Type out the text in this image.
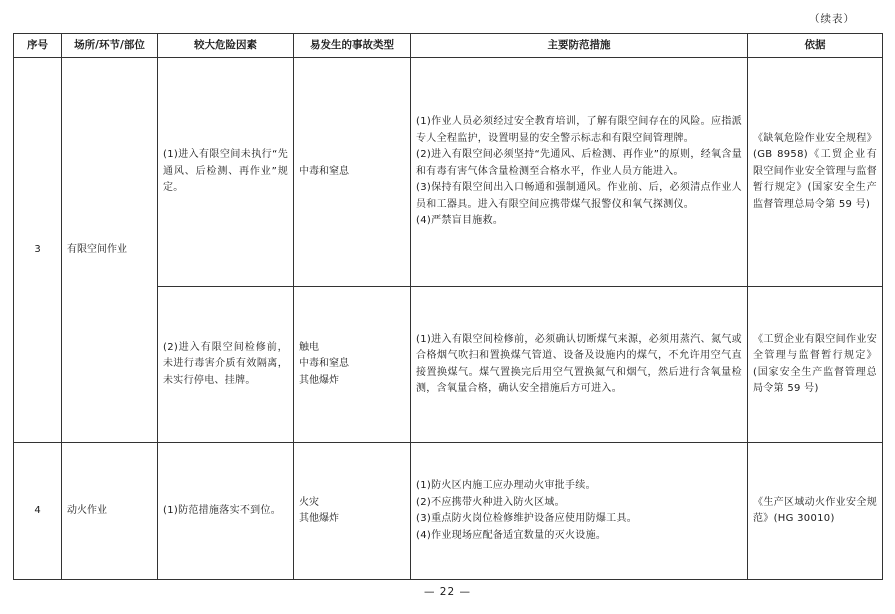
（续表）
序号	场所/环节/部位	较大危险因素	易发生的事故类型	主要防范措施	依据
3	有限空间作业	(1)进入有限空间未执行“先通风、后检测、再作业”规定。	中毒和窒息	(1)作业人员必须经过安全教育培训，了解有限空间存在的风险。应指派专人全程监护，设置明显的安全警示标志和有限空间管理牌。
(2)进入有限空间必须坚持“先通风、后检测、再作业”的原则，经氧含量和有毒有害气体含量检测至合格水平，作业人员方能进入。
(3)保持有限空间出入口畅通和强制通风。作业前、后，必须清点作业人员和工器具。进入有限空间应携带煤气报警仪和氧气探测仪。
(4)严禁盲目施救。	《缺氧危险作业安全规程》(GB 8958)《工贸企业有限空间作业安全管理与监督暂行规定》(国家安全生产监督管理总局令第 59 号)
		(2)进入有限空间检修前，未进行毒害介质有效隔离，未实行停电、挂牌。	触电
中毒和窒息
其他爆炸	(1)进入有限空间检修前，必须确认切断煤气来源，必须用蒸汽、氮气或合格烟气吹扫和置换煤气管道、设备及设施内的煤气，不允许用空气直接置换煤气。煤气置换完后用空气置换氮气和烟气，然后进行含氧量检测，含氧量合格，确认安全措施后方可进入。	《工贸企业有限空间作业安全管理与监督暂行规定》(国家安全生产监督管理总局令第 59 号)
4	动火作业	(1)防范措施落实不到位。	火灾
其他爆炸	(1)防火区内施工应办理动火审批手续。
(2)不应携带火种进入防火区域。
(3)重点防火岗位检修维护设备应使用防爆工具。
(4)作业现场应配备适宜数量的灭火设施。	《生产区域动火作业安全规范》(HG 30010)
— 22 —
